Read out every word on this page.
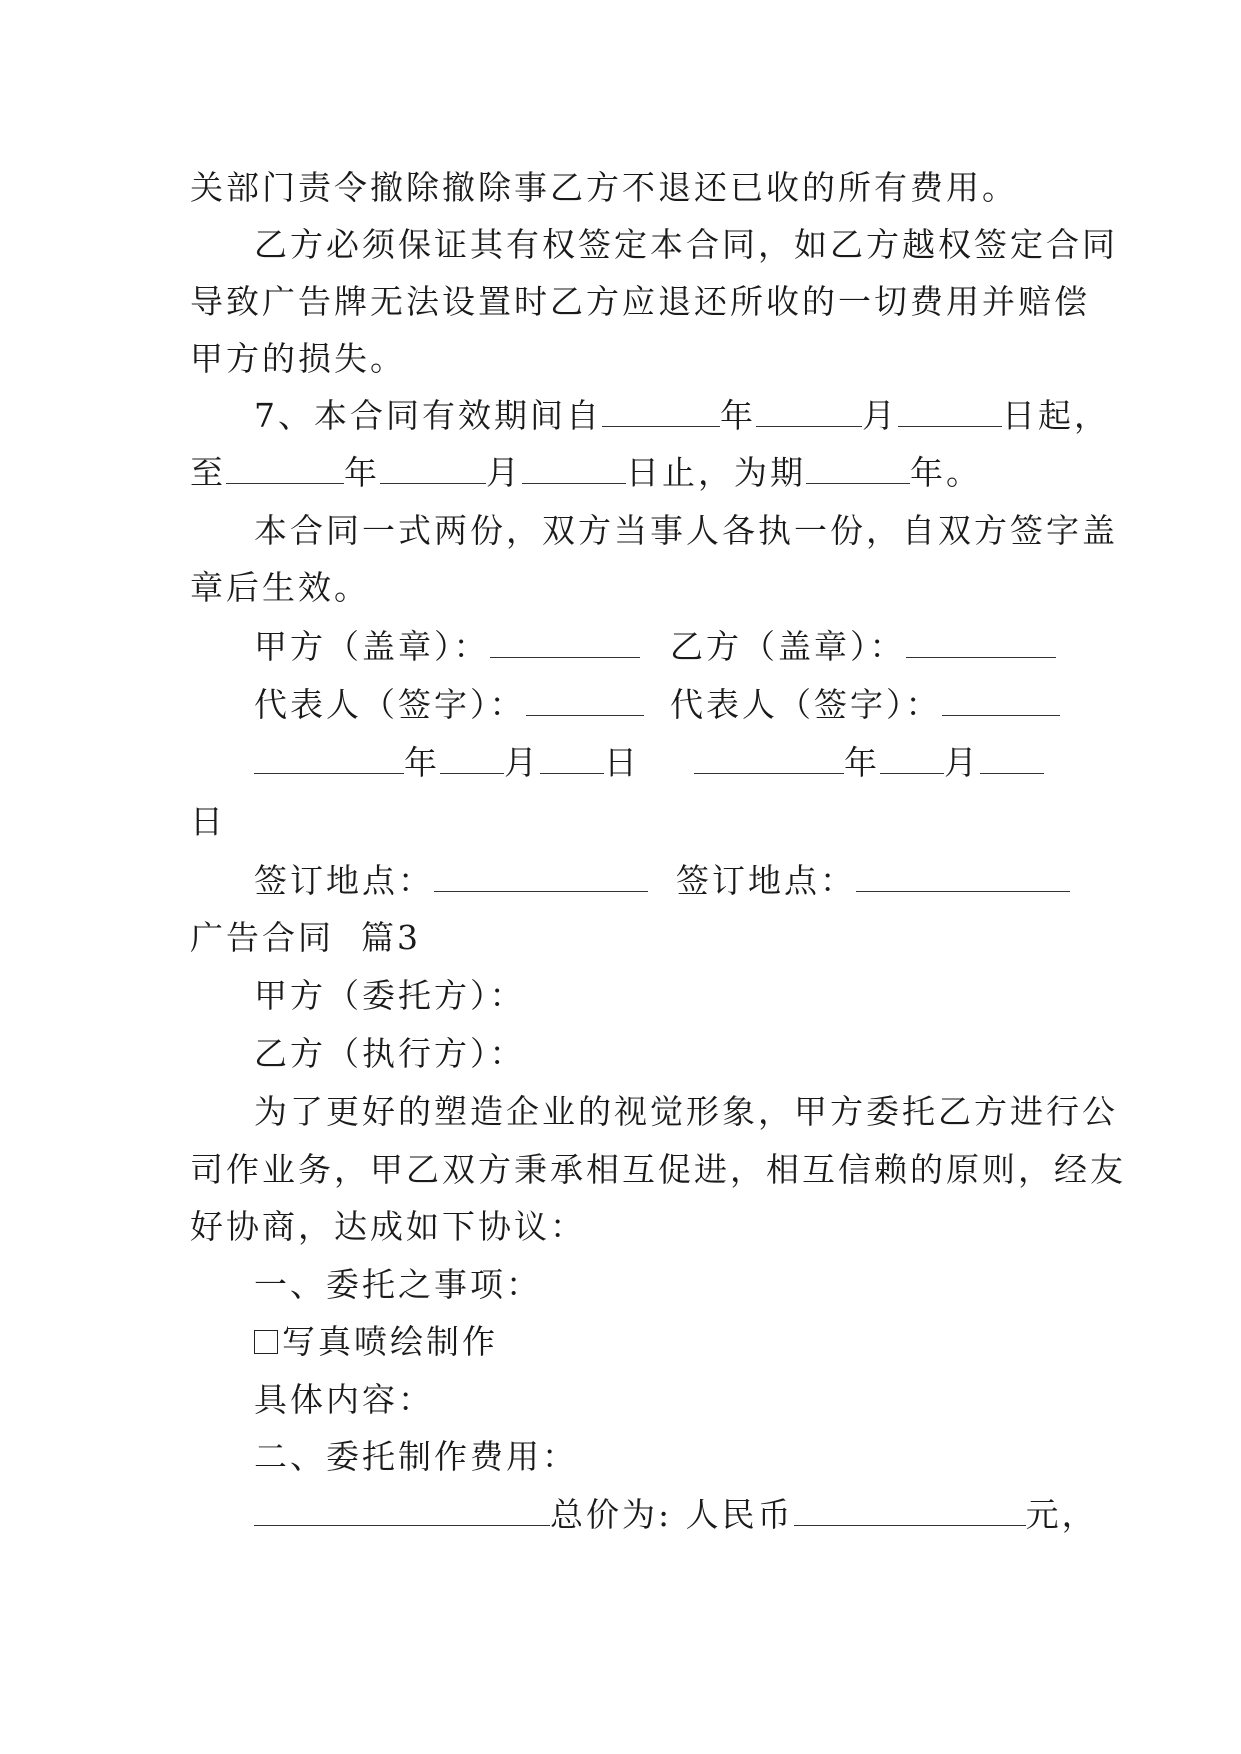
关部门责令撤除撤除事乙方不退还已收的所有费用。
乙方必须保证其有权签定本合同，如乙方越权签定合同
导致广告牌无法设置时乙方应退还所收的一切费用并赔偿
甲方的损失。
7、本合同有效期间自	年	月	日起，
至	年	月	日止，为期	年。
本合同一式两份，双方当事人各执一份，自双方签字盖
章后生效。
甲方（盖章）：	乙方（盖章）：
代表人（签字）：	代表人（签字）：
年 月 日	年 月
日
签订地点：	签订地点：
广告合同  篇3
甲方（委托方）：
乙方（执行方）：
为了更好的塑造企业的视觉形象，甲方委托乙方进行公
司作业务，甲乙双方秉承相互促进，相互信赖的原则，经友
好协商，达成如下协议：
一、委托之事项：
写真喷绘制作
具体内容：
二、委托制作费用：
总价为: 人民币	元，
